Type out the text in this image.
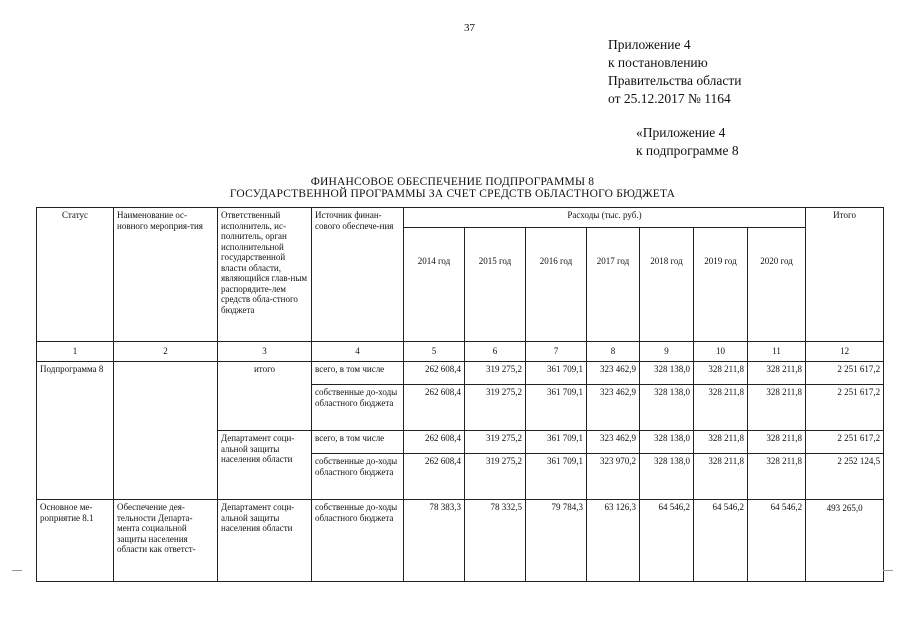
37
Приложение 4
к постановлению
Правительства области
от 25.12.2017 № 1164
«Приложение 4
к подпрограмме 8
ФИНАНСОВОЕ ОБЕСПЕЧЕНИЕ ПОДПРОГРАММЫ 8
ГОСУДАРСТВЕННОЙ ПРОГРАММЫ ЗА СЧЕТ СРЕДСТВ ОБЛАСТНОГО БЮДЖЕТА
Статус	Наименование ос-новного мероприя-тия	Ответственный исполнитель, ис-полнитель, орган исполнительной государственной власти области, являющийся глав-ным распорядите-лем средств обла-стного бюджета	Источник финан-сового обеспече-ния	Расходы (тыс. руб.)							Итого
				2014 год	2015 год	2016 год	2017 год	2018 год	2019 год	2020 год	
1	2	3	4	5	6	7	8	9	10	11	12
Подпрограмма 8		итого	всего, в том числе	262 608,4	319 275,2	361 709,1	323 462,9	328 138,0	328 211,8	328 211,8	2 251 617,2
			собственные до-ходы областного бюджета	262 608,4	319 275,2	361 709,1	323 462,9	328 138,0	328 211,8	328 211,8	2 251 617,2
		Департамент соци-альной защиты населения области	всего, в том числе	262 608,4	319 275,2	361 709,1	323 462,9	328 138,0	328 211,8	328 211,8	2 251 617,2
			собственные до-ходы областного бюджета	262 608,4	319 275,2	361 709,1	323 970,2	328 138,0	328 211,8	328 211,8	2 252 124,5
Основное ме-роприятие 8.1	Обеспечение дея-тельности Департа-мента социальной защиты населения области как ответст-	Департамент соци-альной защиты населения области	собственные до-ходы областного бюджета	78 383,3	78 332,5	79 784,3	63 126,3	64 546,2	64 546,2	64 546,2	493 265,0
